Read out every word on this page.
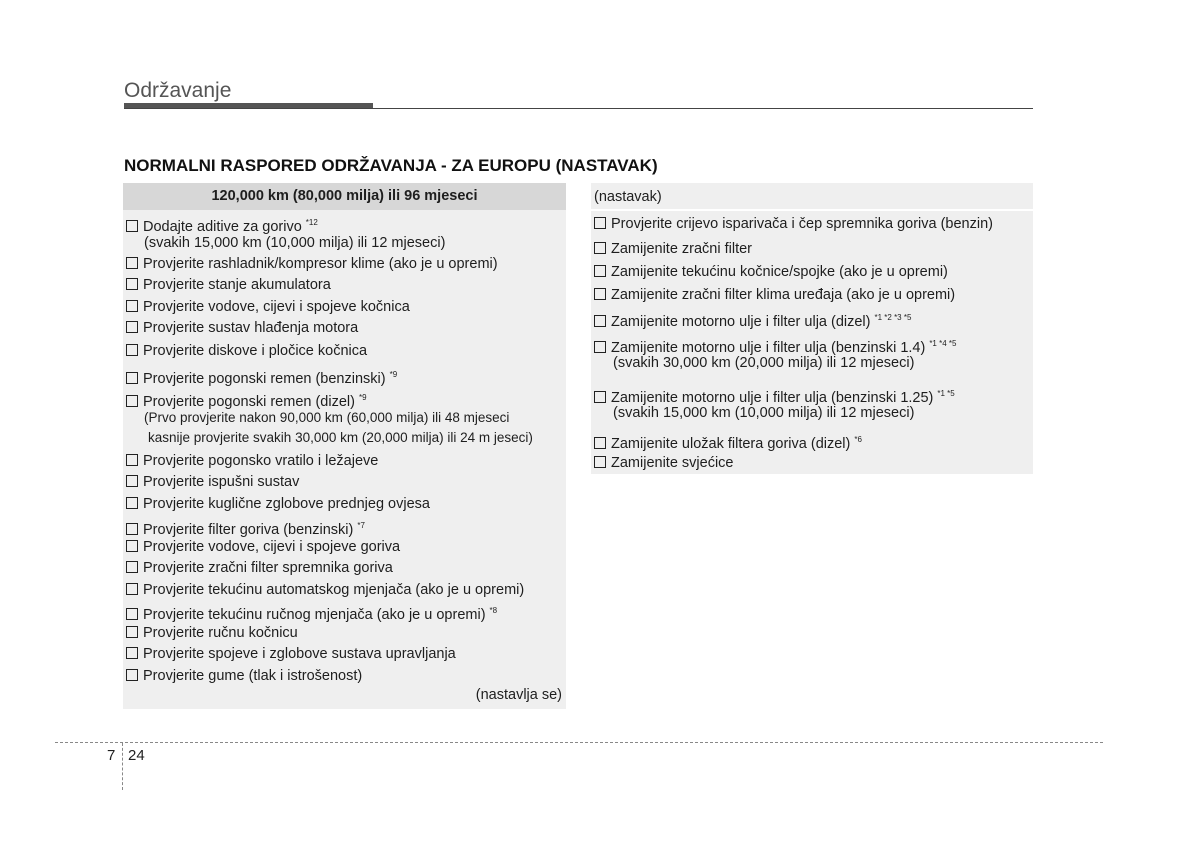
Održavanje
NORMALNI RASPORED ODRŽAVANJA - ZA EUROPU (NASTAVAK)
120,000 km (80,000 milja) ili 96 mjeseci
Dodajte aditive za gorivo $^{*12}$
(svakih 15,000 km (10,000 milja) ili 12 mjeseci)
Provjerite rashladnik/kompresor klime (ako je u opremi)
Provjerite stanje akumulatora
Provjerite vodove, cijevi i spojeve kočnica
Provjerite sustav hlađenja motora
Provjerite diskove i pločice kočnica
Provjerite pogonski remen (benzinski) $^{*9}$
Provjerite pogonski remen (dizel) $^{*9}$
(Prvo provjerite nakon 90,000 km (60,000 milja) ili 48 mjeseci
kasnije provjerite svakih 30,000 km (20,000 milja) ili 24 m jeseci)
Provjerite pogonsko vratilo i ležajeve
Provjerite ispušni sustav
Provjerite kuglične zglobove prednjeg ovjesa
Provjerite filter goriva (benzinski) $^{*7}$
Provjerite vodove, cijevi i spojeve goriva
Provjerite zračni filter spremnika goriva
Provjerite tekućinu automatskog mjenjača (ako je u opremi)
Provjerite tekućinu ručnog mjenjača (ako je u opremi) $^{*8}$
Provjerite ručnu kočnicu
Provjerite spojeve i zglobove sustava upravljanja
Provjerite gume (tlak i istrošenost)
Provjerite crijevo isparivača i čep spremnika goriva (benzin)
Zamijenite zračni filter
Zamijenite tekućinu kočnice/spojke (ako je u opremi)
Zamijenite zračni filter klima uređaja (ako je u opremi)
Zamijenite motorno ulje i filter ulja (dizel) $^{*1 *2 *3 *5}$
Zamijenite motorno ulje i filter ulja (benzinski 1.4) $^{*1 *4 *5}$
(svakih 30,000 km (20,000 milja) ili 12 mjeseci)
Zamijenite motorno ulje i filter ulja (benzinski 1.25) $^{*1 *5}$
(svakih 15,000 km (10,000 milja) ili 12 mjeseci)
Zamijenite uložak filtera goriva (dizel) $^{*6}$
Zamijenite svjećice
(nastavlja se)
(nastavak)
7 24
